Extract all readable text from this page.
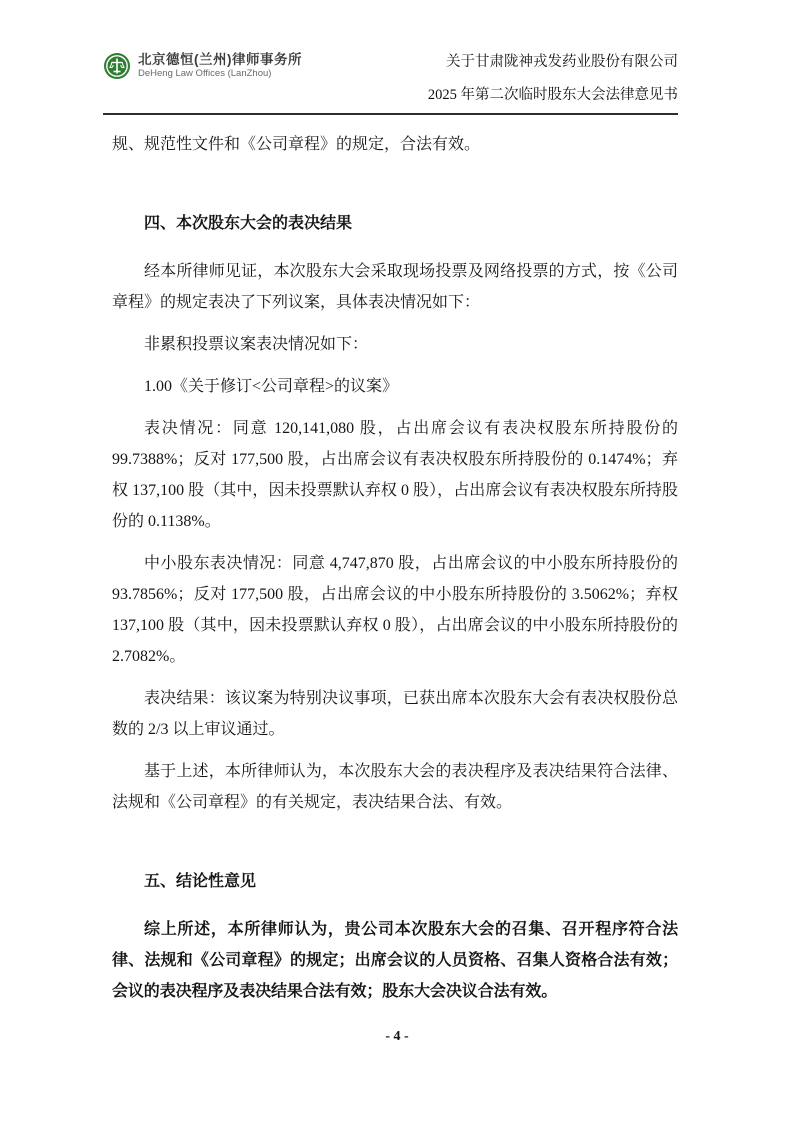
北京德恒(兰州)律师事务所
DeHeng Law Offices (LanZhou)
关于甘肃陇神戎发药业股份有限公司
2025 年第二次临时股东大会法律意见书

规、规范性文件和《公司章程》的规定，合法有效。

四、本次股东大会的表决结果

经本所律师见证，本次股东大会采取现场投票及网络投票的方式，按《公司章程》的规定表决了下列议案，具体表决情况如下：

非累积投票议案表决情况如下：

1.00《关于修订<公司章程>的议案》

表决情况：同意 120,141,080 股，占出席会议有表决权股东所持股份的 99.7388%；反对 177,500 股，占出席会议有表决权股东所持股份的 0.1474%；弃权 137,100 股（其中，因未投票默认弃权 0 股），占出席会议有表决权股东所持股份的 0.1138%。

中小股东表决情况：同意 4,747,870 股，占出席会议的中小股东所持股份的 93.7856%；反对 177,500 股，占出席会议的中小股东所持股份的 3.5062%；弃权 137,100 股（其中，因未投票默认弃权 0 股），占出席会议的中小股东所持股份的 2.7082%。

表决结果：该议案为特别决议事项，已获出席本次股东大会有表决权股份总数的 2/3 以上审议通过。

基于上述，本所律师认为，本次股东大会的表决程序及表决结果符合法律、法规和《公司章程》的有关规定，表决结果合法、有效。

五、结论性意见

综上所述，本所律师认为，贵公司本次股东大会的召集、召开程序符合法律、法规和《公司章程》的规定；出席会议的人员资格、召集人资格合法有效；会议的表决程序及表决结果合法有效；股东大会决议合法有效。

- 4 -
